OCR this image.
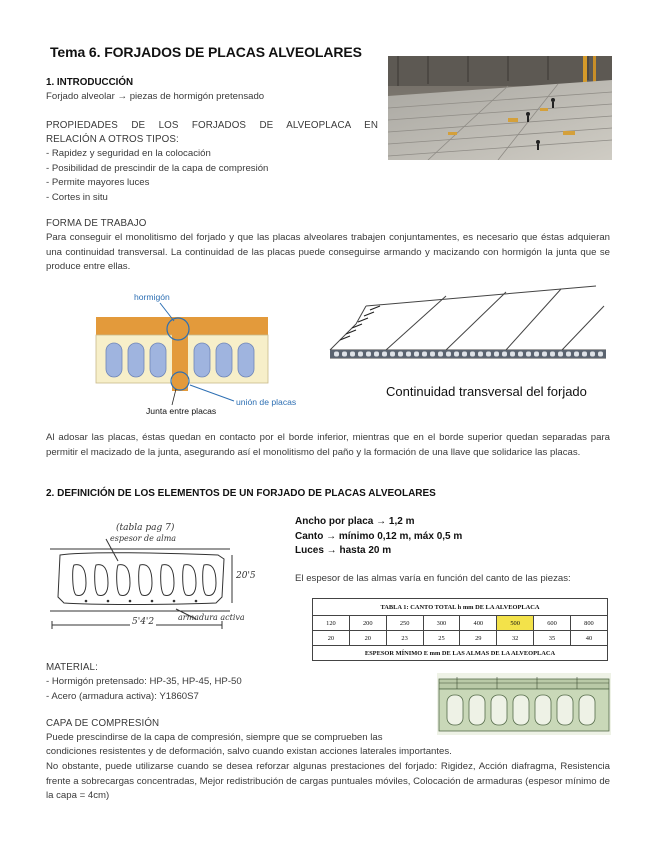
Tema 6. FORJADOS DE PLACAS ALVEOLARES
1. INTRODUCCIÓN
Forjado alveolar → piezas de hormigón pretensado
PROPIEDADES DE LOS FORJADOS DE ALVEOPLACA EN
RELACIÓN A OTROS TIPOS:
- Rapidez y seguridad en la colocación
- Posibilidad de prescindir de la capa de compresión
- Permite mayores luces
- Cortes in situ
FORMA DE TRABAJO
Para conseguir el monolitismo del forjado y que las placas alveolares trabajen conjuntamentes, es necesario que éstas adquieran una continuidad transversal. La continuidad de las placas puede conseguirse armando y macizando con hormigón la junta que se produce entre ellas.
hormigón
unión de placas
Junta entre placas
Continuidad transversal del forjado
Al adosar las placas, éstas quedan en contacto por el borde inferior, mientras que en el borde superior quedan separadas para permitir el macizado de la junta, asegurando así el monolitismo del paño y la formación de una llave que solidarice las placas.
2. DEFINICIÓN DE LOS ELEMENTOS DE UN FORJADO DE PLACAS ALVEOLARES
(tabla pag 7)
espesor de alma
20'5
armadura activa
5'4'2
Ancho por placa → 1,2 m
Canto → mínimo 0,12 m, máx 0,5 m
Luces → hasta 20 m
El espesor de las almas varía en función del canto de las piezas:
TABLA 1: CANTO TOTAL h mm DE LA ALVEOPLACA							
120	200	250	300	400	500	600	800
20	20	23	25	29	32	35	40
ESPESOR MÍNIMO E mm DE LAS ALMAS DE LA ALVEOPLACA							
MATERIAL:
- Hormigón pretensado: HP-35, HP-45, HP-50
- Acero (armadura activa): Y1860S7
CAPA DE COMPRESIÓN
Puede prescindirse de la capa de compresión, siempre que se comprueben las
condiciones resistentes y de deformación, salvo cuando existan acciones laterales importantes.
No obstante, puede utilizarse cuando se desea reforzar algunas prestaciones del forjado: Rigidez, Acción diafragma, Resistencia frente a sobrecargas concentradas, Mejor redistribución de cargas puntuales móviles, Colocación de armaduras (espesor mínimo de la capa = 4cm)
